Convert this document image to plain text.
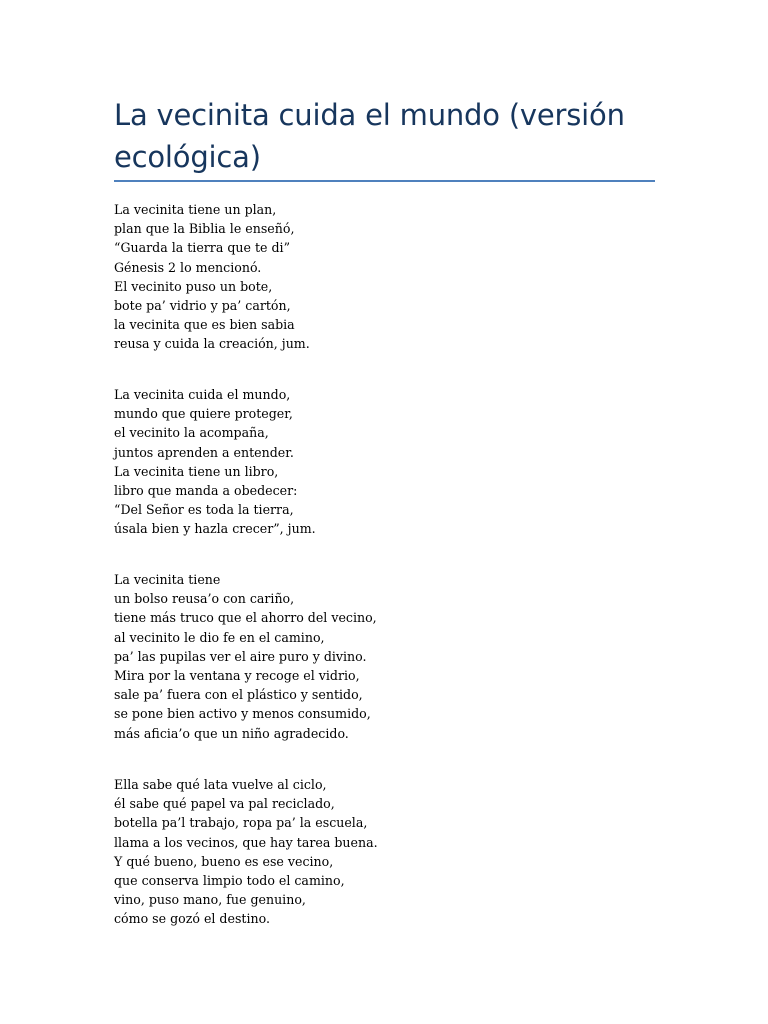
La vecinita cuida el mundo (versión ecológica)
La vecinita tiene un plan,
plan que la Biblia le enseñó,
“Guarda la tierra que te di”
Génesis 2 lo mencionó.
El vecinito puso un bote,
bote pa’ vidrio y pa’ cartón,
la vecinita que es bien sabia
reusa y cuida la creación, jum.
La vecinita cuida el mundo,
mundo que quiere proteger,
el vecinito la acompaña,
juntos aprenden a entender.
La vecinita tiene un libro,
libro que manda a obedecer:
“Del Señor es toda la tierra,
úsala bien y hazla crecer”, jum.
La vecinita tiene
un bolso reusa’o con cariño,
tiene más truco que el ahorro del vecino,
al vecinito le dio fe en el camino,
pa’ las pupilas ver el aire puro y divino.
Mira por la ventana y recoge el vidrio,
sale pa’ fuera con el plástico y sentido,
se pone bien activo y menos consumido,
más aficia’o que un niño agradecido.
Ella sabe qué lata vuelve al ciclo,
él sabe qué papel va pal reciclado,
botella pa’l trabajo, ropa pa’ la escuela,
llama a los vecinos, que hay tarea buena.
Y qué bueno, bueno es ese vecino,
que conserva limpio todo el camino,
vino, puso mano, fue genuino,
cómo se gozó el destino.
